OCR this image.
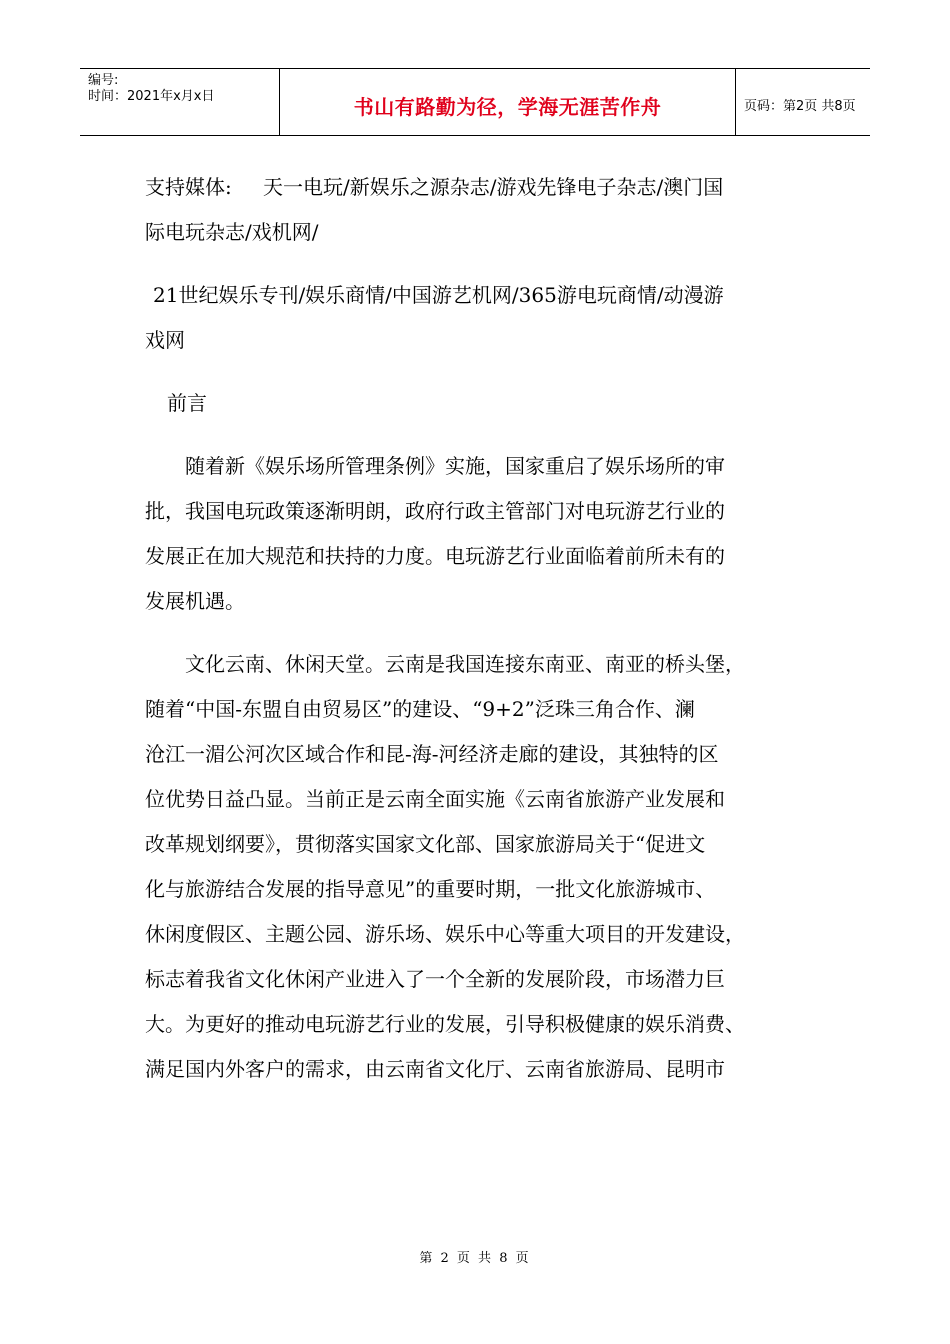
编号:
时间：2021年x月x日	书山有路勤为径，学海无涯苦作舟	页码：第2页 共8页
支持媒体: 天一电玩/新娱乐之源杂志/游戏先锋电子杂志/澳门国
际电玩杂志/戏机网/
21世纪娱乐专刊/娱乐商情/中国游艺机网/365游电玩商情/动漫游
戏网
前言
随着新《娱乐场所管理条例》实施，国家重启了娱乐场所的审
批，我国电玩政策逐渐明朗，政府行政主管部门对电玩游艺行业的
发展正在加大规范和扶持的力度。电玩游艺行业面临着前所未有的
发展机遇。
文化云南、休闲天堂。云南是我国连接东南亚、南亚的桥头堡，
随着“中国-东盟自由贸易区”的建设、“9+2”泛珠三角合作、澜
沧江一湄公河次区域合作和昆-海-河经济走廊的建设，其独特的区
位优势日益凸显。当前正是云南全面实施《云南省旅游产业发展和
改革规划纲要》，贯彻落实国家文化部、国家旅游局关于“促进文
化与旅游结合发展的指导意见”的重要时期，一批文化旅游城市、
休闲度假区、主题公园、游乐场、娱乐中心等重大项目的开发建设，
标志着我省文化休闲产业进入了一个全新的发展阶段，市场潜力巨
大。为更好的推动电玩游艺行业的发展，引导积极健康的娱乐消费、
满足国内外客户的需求，由云南省文化厅、云南省旅游局、昆明市
第 2 页 共 8 页
